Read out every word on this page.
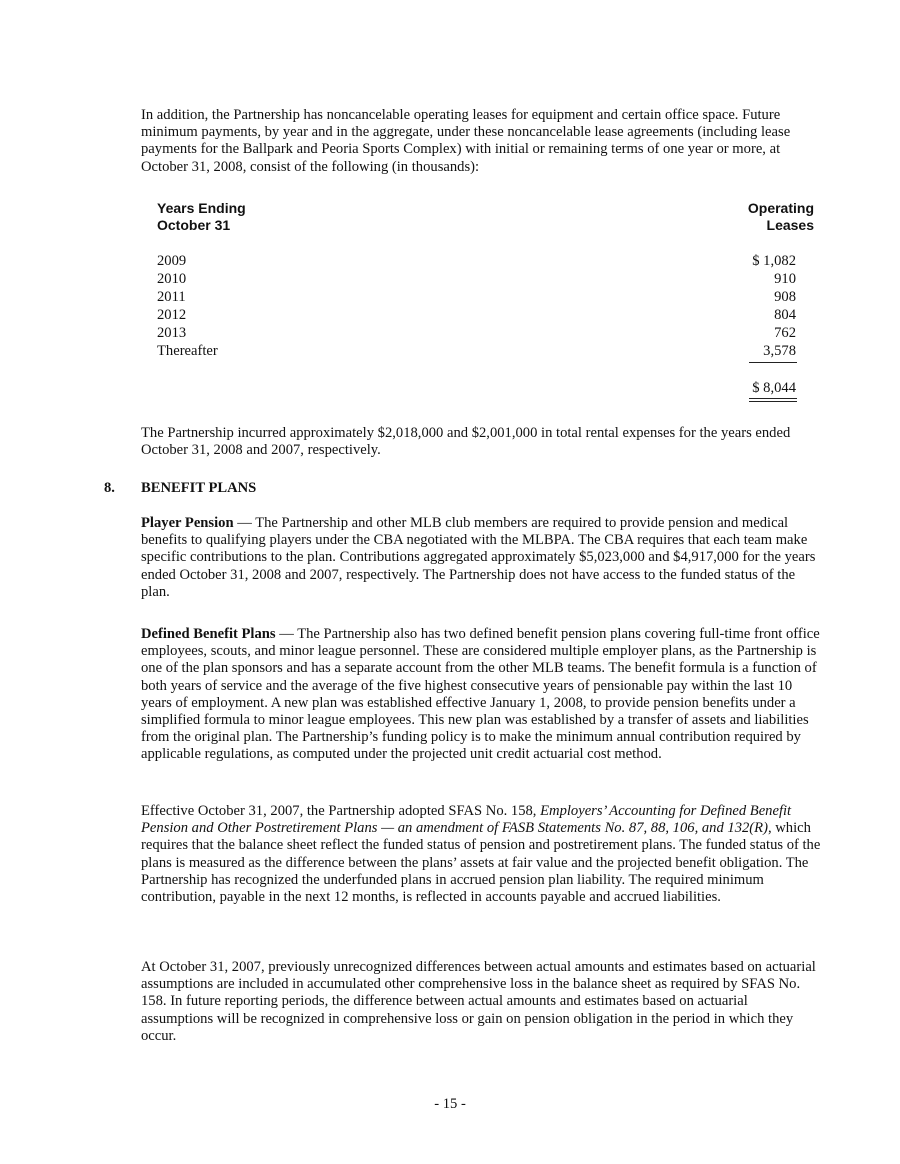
In addition, the Partnership has noncancelable operating leases for equipment and certain office space. Future minimum payments, by year and in the aggregate, under these noncancelable lease agreements (including lease payments for the Ballpark and Peoria Sports Complex) with initial or remaining terms of one year or more, at October 31, 2008, consist of the following (in thousands):

Years Ending
October 31
Operating
Leases
2009	$ 1,082
2010	910
2011	908
2012	804
2013	762
Thereafter	3,578
$ 8,044

The Partnership incurred approximately $2,018,000 and $2,001,000 in total rental expenses for the years ended October 31, 2008 and 2007, respectively.

8. BENEFIT PLANS

Player Pension — The Partnership and other MLB club members are required to provide pension and medical benefits to qualifying players under the CBA negotiated with the MLBPA. The CBA requires that each team make specific contributions to the plan. Contributions aggregated approximately $5,023,000 and $4,917,000 for the years ended October 31, 2008 and 2007, respectively. The Partnership does not have access to the funded status of the plan.

Defined Benefit Plans — The Partnership also has two defined benefit pension plans covering full-time front office employees, scouts, and minor league personnel. These are considered multiple employer plans, as the Partnership is one of the plan sponsors and has a separate account from the other MLB teams. The benefit formula is a function of both years of service and the average of the five highest consecutive years of pensionable pay within the last 10 years of employment. A new plan was established effective January 1, 2008, to provide pension benefits under a simplified formula to minor league employees. This new plan was established by a transfer of assets and liabilities from the original plan. The Partnership’s funding policy is to make the minimum annual contribution required by applicable regulations, as computed under the projected unit credit actuarial cost method.

Effective October 31, 2007, the Partnership adopted SFAS No. 158, Employers’ Accounting for Defined Benefit Pension and Other Postretirement Plans — an amendment of FASB Statements No. 87, 88, 106, and 132(R), which requires that the balance sheet reflect the funded status of pension and postretirement plans. The funded status of the plans is measured as the difference between the plans’ assets at fair value and the projected benefit obligation. The Partnership has recognized the underfunded plans in accrued pension plan liability. The required minimum contribution, payable in the next 12 months, is reflected in accounts payable and accrued liabilities.

At October 31, 2007, previously unrecognized differences between actual amounts and estimates based on actuarial assumptions are included in accumulated other comprehensive loss in the balance sheet as required by SFAS No. 158. In future reporting periods, the difference between actual amounts and estimates based on actuarial assumptions will be recognized in comprehensive loss or gain on pension obligation in the period in which they occur.

- 15 -
